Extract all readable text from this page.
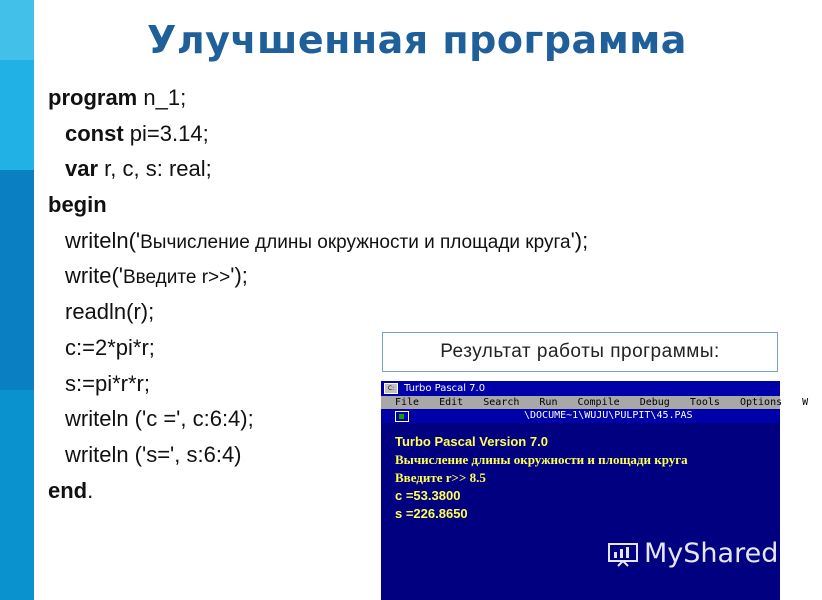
Улучшенная программа
program n_1;
const pi=3.14;
var r, c, s: real;
begin
writeln('Вычисление длины окружности и площади круга');
write('Введите r>>');
readln(r);
c:=2*pi*r;
s:=pi*r*r;
writeln ('c =', c:6:4);
writeln ('s=', s:6:4)
end.
Результат работы программы:
C: Turbo Pascal 7.0
File Edit Search Run Compile Debug Tools Options W
\DOCUME~1\WUJU\PULPIT\45.PAS
Turbo Pascal Version 7.0
Вычисление длины окружности и площади круга
Введите r>> 8.5
c =53.3800
s =226.8650
MyShared
